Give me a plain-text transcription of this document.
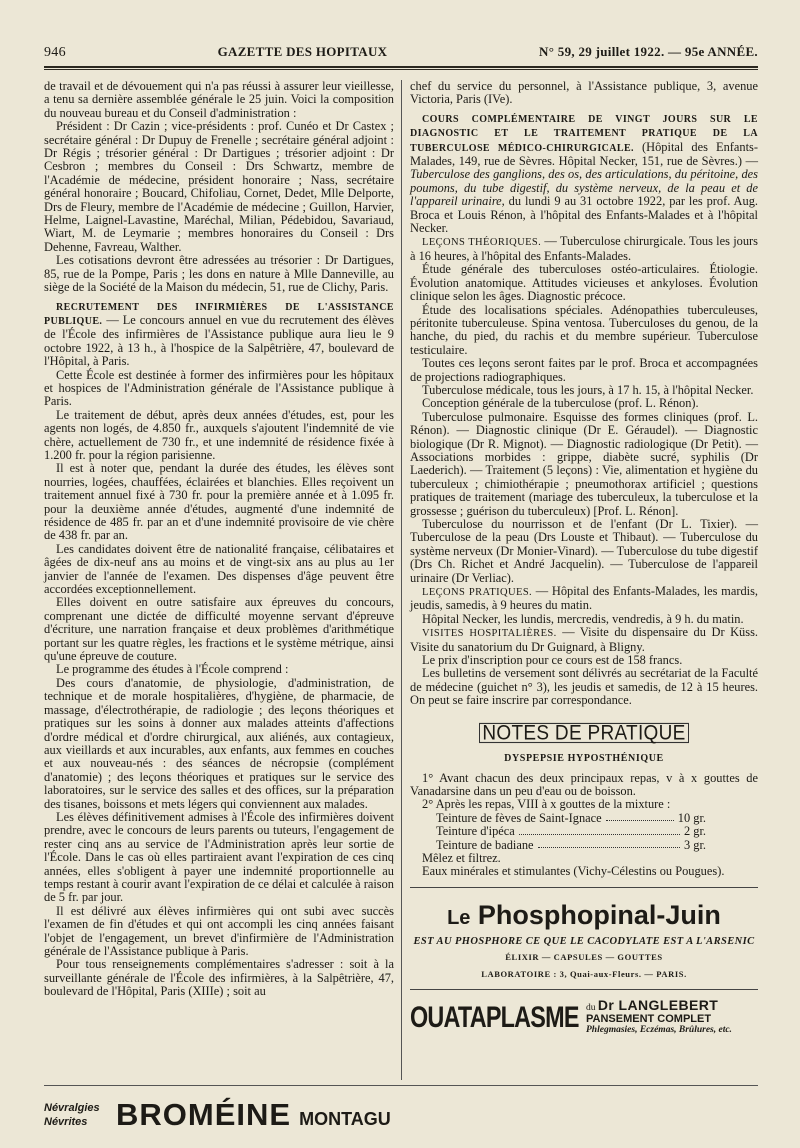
946	GAZETTE DES HOPITAUX	N° 59, 29 juillet 1922. — 95e ANNÉE.

de travail et de dévouement qui n'a pas réussi à assurer leur vieillesse, a tenu sa dernière assemblée générale le 25 juin. Voici la composition du nouveau bureau et du Conseil d'administration :

Président : Dr Cazin ; vice-présidents : prof. Cunéo et Dr Castex ; secrétaire général : Dr Dupuy de Frenelle ; secrétaire général adjoint : Dr Régis ; trésorier général : Dr Dartigues ; trésorier adjoint : Dr Cesbron ; membres du Conseil : Drs Schwartz, membre de l'Académie de médecine, président honoraire ; Nass, secrétaire général honoraire ; Boucard, Chifoliau, Cornet, Dedet, Mlle Delporte, Drs de Fleury, membre de l'Académie de médecine ; Guillon, Harvier, Helme, Laignel-Lavastine, Maréchal, Milian, Pédebidou, Savariaud, Wiart, M. de Leymarie ; membres honoraires du Conseil : Drs Dehenne, Favreau, Walther.

Les cotisations devront être adressées au trésorier : Dr Dartigues, 85, rue de la Pompe, Paris ; les dons en nature à Mlle Danneville, au siège de la Société de la Maison du médecin, 51, rue de Clichy, Paris.

RECRUTEMENT DES INFIRMIÈRES DE L'ASSISTANCE PUBLIQUE. — Le concours annuel en vue du recrutement des élèves de l'École des infirmières de l'Assistance publique aura lieu le 9 octobre 1922, à 13 h., à l'hospice de la Salpêtrière, 47, boulevard de l'Hôpital, à Paris.

Cette École est destinée à former des infirmières pour les hôpitaux et hospices de l'Administration générale de l'Assistance publique à Paris.

Le traitement de début, après deux années d'études, est, pour les agents non logés, de 4.850 fr., auxquels s'ajoutent l'indemnité de vie chère, actuellement de 730 fr., et une indemnité de résidence fixée à 1.200 fr. pour la région parisienne.

Il est à noter que, pendant la durée des études, les élèves sont nourries, logées, chauffées, éclairées et blanchies. Elles reçoivent un traitement annuel fixé à 730 fr. pour la première année et à 1.095 fr. pour la deuxième année d'études, augmenté d'une indemnité de résidence de 485 fr. par an et d'une indemnité provisoire de vie chère de 438 fr. par an.

Les candidates doivent être de nationalité française, célibataires et âgées de dix-neuf ans au moins et de vingt-six ans au plus au 1er janvier de l'année de l'examen. Des dispenses d'âge peuvent être accordées exceptionnellement.

Elles doivent en outre satisfaire aux épreuves du concours, comprenant une dictée de difficulté moyenne servant d'épreuve d'écriture, une narration française et deux problèmes d'arithmétique portant sur les quatre règles, les fractions et le système métrique, ainsi qu'une épreuve de couture.

Le programme des études à l'École comprend :

Des cours d'anatomie, de physiologie, d'administration, de technique et de morale hospitalières, d'hygiène, de pharmacie, de massage, d'électrothérapie, de radiologie ; des leçons théoriques et pratiques sur les soins à donner aux malades atteints d'affections d'ordre médical et d'ordre chirurgical, aux aliénés, aux contagieux, aux vieillards et aux incurables, aux enfants, aux femmes en couches et aux nouveau-nés : des séances de nécropsie (complément d'anatomie) ; des leçons théoriques et pratiques sur le service des laboratoires, sur le service des salles et des offices, sur la préparation des tisanes, boissons et mets légers qui conviennent aux malades.

Les élèves définitivement admises à l'École des infirmières doivent prendre, avec le concours de leurs parents ou tuteurs, l'engagement de rester cinq ans au service de l'Administration après leur sortie de l'École. Dans le cas où elles partiraient avant l'expiration de ces cinq années, elles s'obligent à payer une indemnité proportionnelle au temps restant à courir avant l'expiration de ce délai et calculée à raison de 5 fr. par jour.

Il est délivré aux élèves infirmières qui ont subi avec succès l'examen de fin d'études et qui ont accompli les cinq années faisant l'objet de l'engagement, un brevet d'infirmière de l'Administration générale de l'Assistance publique à Paris.

Pour tous renseignements complémentaires s'adresser : soit à la surveillante générale de l'École des infirmières, à la Salpêtrière, 47, boulevard de l'Hôpital, Paris (XIIIe) ; soit au

chef du service du personnel, à l'Assistance publique, 3, avenue Victoria, Paris (IVe).

COURS COMPLÉMENTAIRE DE VINGT JOURS SUR LE DIAGNOSTIC ET LE TRAITEMENT PRATIQUE DE LA TUBERCULOSE MÉDICO-CHIRURGICALE. (Hôpital des Enfants-Malades, 149, rue de Sèvres. Hôpital Necker, 151, rue de Sèvres.) — Tuberculose des ganglions, des os, des articulations, du péritoine, des poumons, du tube digestif, du système nerveux, de la peau et de l'appareil urinaire, du lundi 9 au 31 octobre 1922, par les prof. Aug. Broca et Louis Rénon, à l'hôpital des Enfants-Malades et à l'hôpital Necker.

LEÇONS THÉORIQUES. — Tuberculose chirurgicale. Tous les jours à 16 heures, à l'hôpital des Enfants-Malades.

Étude générale des tuberculoses ostéo-articulaires. Étiologie. Évolution anatomique. Attitudes vicieuses et ankyloses. Évolution clinique selon les âges. Diagnostic précoce.

Étude des localisations spéciales. Adénopathies tuberculeuses, péritonite tuberculeuse. Spina ventosa. Tuberculoses du genou, de la hanche, du pied, du rachis et du membre supérieur. Tuberculose testiculaire.

Toutes ces leçons seront faites par le prof. Broca et accompagnées de projections radiographiques.

Tuberculose médicale, tous les jours, à 17 h. 15, à l'hôpital Necker.

Conception générale de la tuberculose (prof. L. Rénon).

Tuberculose pulmonaire. Esquisse des formes cliniques (prof. L. Rénon). — Diagnostic clinique (Dr E. Géraudel). — Diagnostic biologique (Dr R. Mignot). — Diagnostic radiologique (Dr Petit). — Associations morbides : grippe, diabète sucré, syphilis (Dr Laederich). — Traitement (5 leçons) : Vie, alimentation et hygiène du tuberculeux ; chimiothérapie ; pneumothorax artificiel ; questions pratiques de traitement (mariage des tuberculeux, la tuberculose et la grossesse ; guérison du tuberculeux) [Prof. L. Rénon].

Tuberculose du nourrisson et de l'enfant (Dr L. Tixier). — Tuberculose de la peau (Drs Louste et Thibaut). — Tuberculose du système nerveux (Dr Monier-Vinard). — Tuberculose du tube digestif (Drs Ch. Richet et André Jacquelin). — Tuberculose de l'appareil urinaire (Dr Verliac).

LEÇONS PRATIQUES. — Hôpital des Enfants-Malades, les mardis, jeudis, samedis, à 9 heures du matin.

Hôpital Necker, les lundis, mercredis, vendredis, à 9 h. du matin.

VISITES HOSPITALIÈRES. — Visite du dispensaire du Dr Küss. Visite du sanatorium du Dr Guignard, à Bligny.

Le prix d'inscription pour ce cours est de 158 francs.

Les bulletins de versement sont délivrés au secrétariat de la Faculté de médecine (guichet n° 3), les jeudis et samedis, de 12 à 15 heures. On peut se faire inscrire par correspondance.

NOTES DE PRATIQUE
DYSPEPSIE HYPOSTHÉNIQUE

1° Avant chacun des deux principaux repas, v à x gouttes de Vanadarsine dans un peu d'eau ou de boisson.

2° Après les repas, VIII à x gouttes de la mixture :

Teinture de fèves de Saint-Ignace	10 gr.
Teinture d'ipéca	2 gr.
Teinture de badiane	3 gr.

Mêlez et filtrez.

Eaux minérales et stimulantes (Vichy-Célestins ou Pougues).

Le Phosphopinal-Juin
EST AU PHOSPHORE CE QUE LE CACODYLATE EST A L'ARSENIC
ÉLIXIR — CAPSULES — GOUTTES
LABORATOIRE : 3, Quai-aux-Fleurs. — PARIS.
OUATAPLASME du Dr LANGLEBERT
PANSEMENT COMPLET
Phlegmasies, Eczémas, Brûlures, etc.
Névralgies
Névrites BROMÉINE MONTAGU
